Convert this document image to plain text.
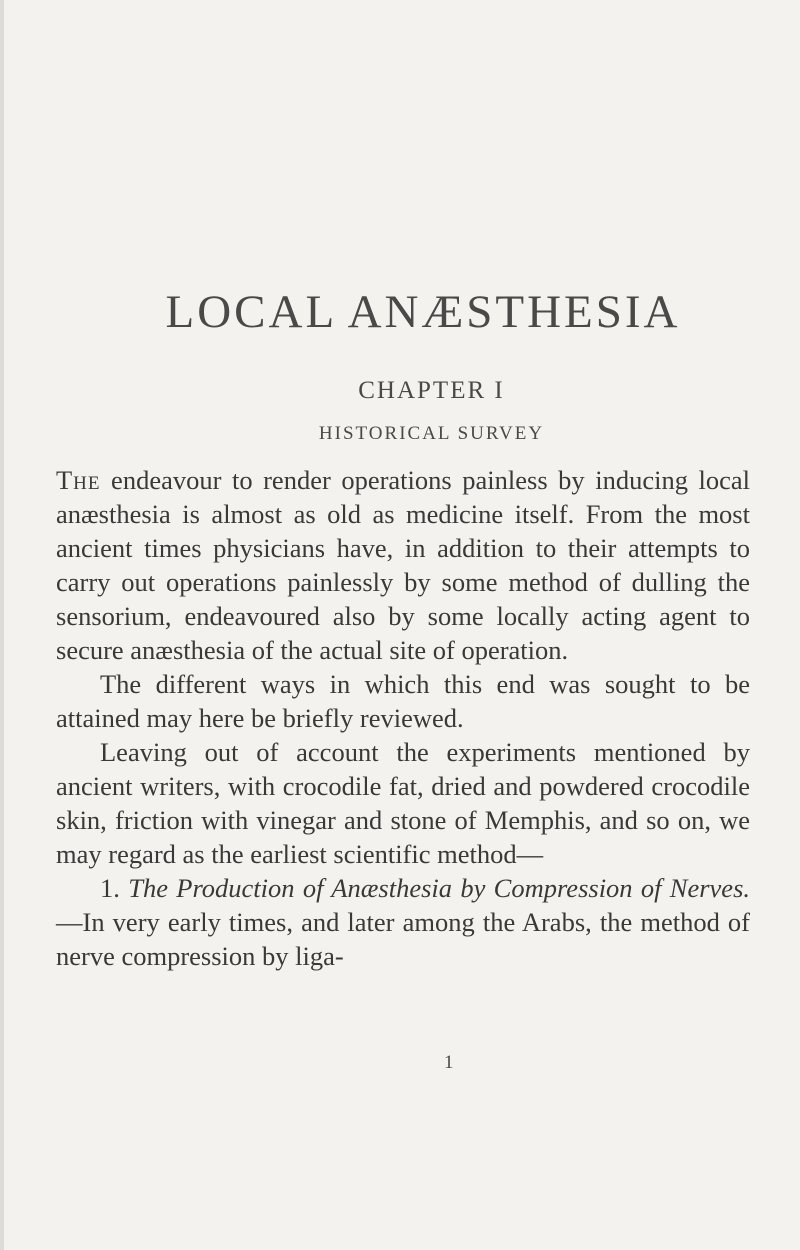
LOCAL ANÆSTHESIA
CHAPTER I
HISTORICAL SURVEY

The endeavour to render operations painless by inducing local anæsthesia is almost as old as medicine itself. From the most ancient times physicians have, in addition to their attempts to carry out operations painlessly by some method of dulling the sensorium, endeavoured also by some locally acting agent to secure anæsthesia of the actual site of operation.

The different ways in which this end was sought to be attained may here be briefly reviewed.

Leaving out of account the experiments mentioned by ancient writers, with crocodile fat, dried and powdered crocodile skin, friction with vinegar and stone of Memphis, and so on, we may regard as the earliest scientific method—

1. The Production of Anæsthesia by Compression of Nerves.—In very early times, and later among the Arabs, the method of nerve compression by liga-

1
